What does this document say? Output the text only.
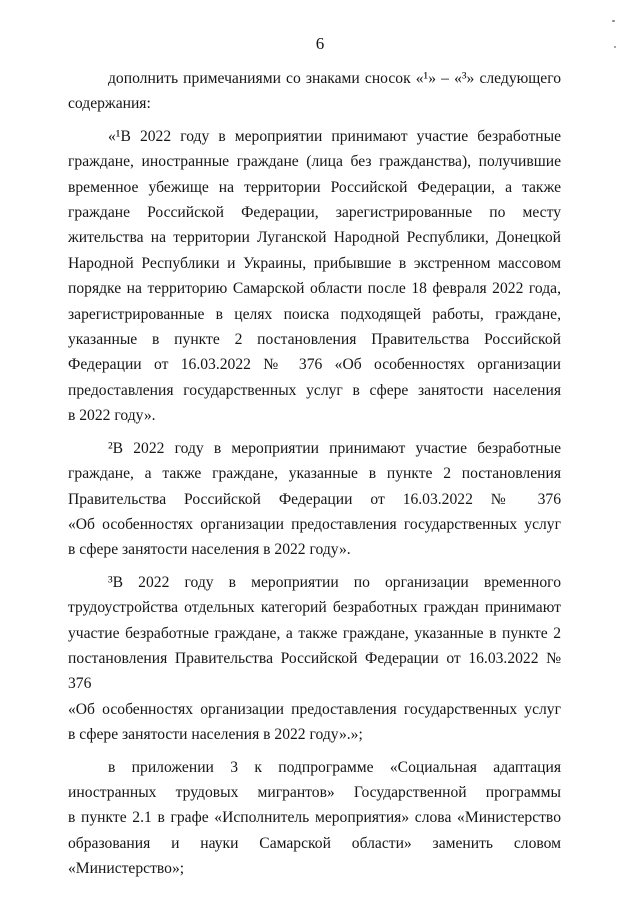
6
дополнить примечаниями со знаками сносок «¹» – «³» следующего
содержания:
«¹В 2022 году в мероприятии принимают участие безработные
граждане, иностранные граждане (лица без гражданства), получившие
временное убежище на территории Российской Федерации, а также
граждане Российской Федерации, зарегистрированные по месту
жительства на территории Луганской Народной Республики, Донецкой
Народной Республики и Украины, прибывшие в экстренном массовом
порядке на территорию Самарской области после 18 февраля 2022 года,
зарегистрированные в целях поиска подходящей работы, граждане,
указанные в пункте 2 постановления Правительства Российской
Федерации от 16.03.2022 № 376 «Об особенностях организации
предоставления государственных услуг в сфере занятости населения
в 2022 году».
²В 2022 году в мероприятии принимают участие безработные
граждане, а также граждане, указанные в пункте 2 постановления
Правительства Российской Федерации от 16.03.2022 № 376
«Об особенностях организации предоставления государственных услуг
в сфере занятости населения в 2022 году».
³В 2022 году в мероприятии по организации временного
трудоустройства отдельных категорий безработных граждан принимают
участие безработные граждане, а также граждане, указанные в пункте 2
постановления Правительства Российской Федерации от 16.03.2022 № 376
«Об особенностях организации предоставления государственных услуг
в сфере занятости населения в 2022 году».»;
в приложении 3 к подпрограмме «Социальная адаптация
иностранных трудовых мигрантов» Государственной программы
в пункте 2.1 в графе «Исполнитель мероприятия» слова «Министерство
образования и науки Самарской области» заменить словом
«Министерство»;
